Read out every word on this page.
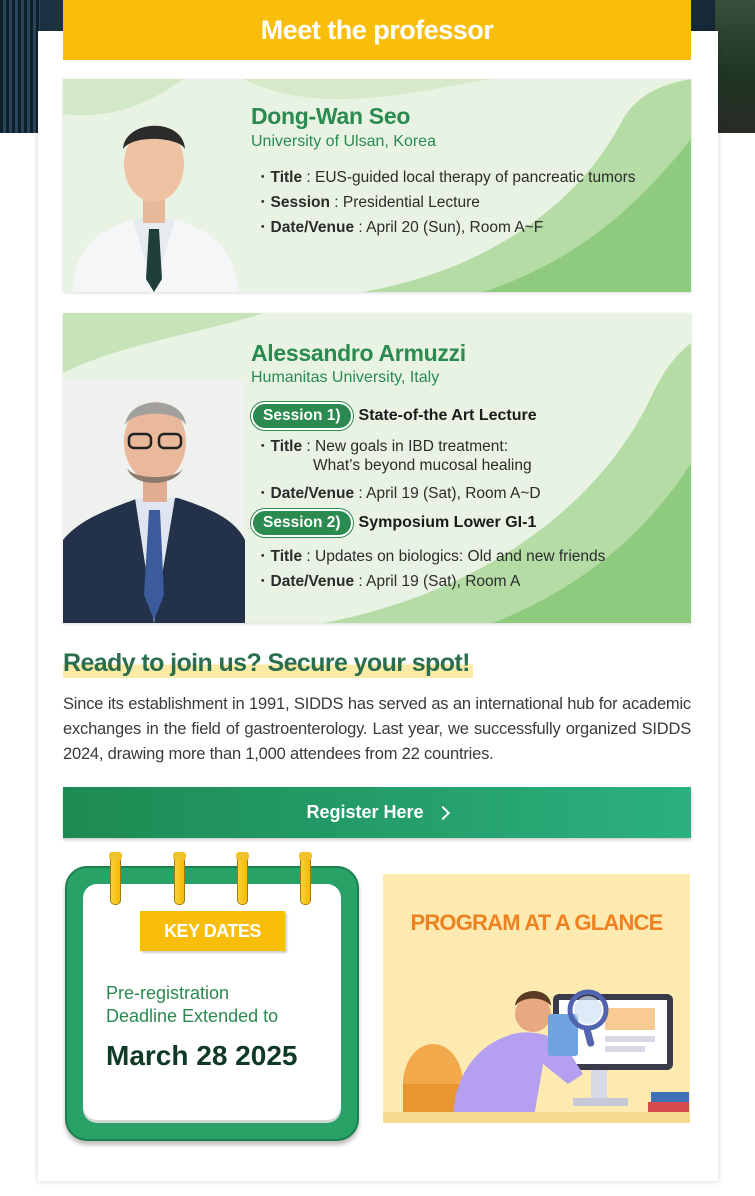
Meet the professor
Dong-Wan Seo
University of Ulsan, Korea
・Title : EUS-guided local therapy of pancreatic tumors
・Session : Presidential Lecture
・Date/Venue : April 20 (Sun), Room A~F
Alessandro Armuzzi
Humanitas University, Italy
Session 1)	State-of-the Art Lecture
・Title : New goals in IBD treatment:
What’s beyond mucosal healing
・Date/Venue : April 19 (Sat), Room A~D
Session 2)	Symposium Lower GI-1
・Title : Updates on biologics: Old and new friends
・Date/Venue : April 19 (Sat), Room A
Ready to join us? Secure your spot!
Since its establishment in 1991, SIDDS has served as an international hub for academic exchanges in the field of gastroenterology. Last year, we successfully organized SIDDS 2024, drawing more than 1,000 attendees from 22 countries.
Register Here
KEY DATES
Pre-registration
Deadline Extended to
March 28 2025
PROGRAM AT A GLANCE
